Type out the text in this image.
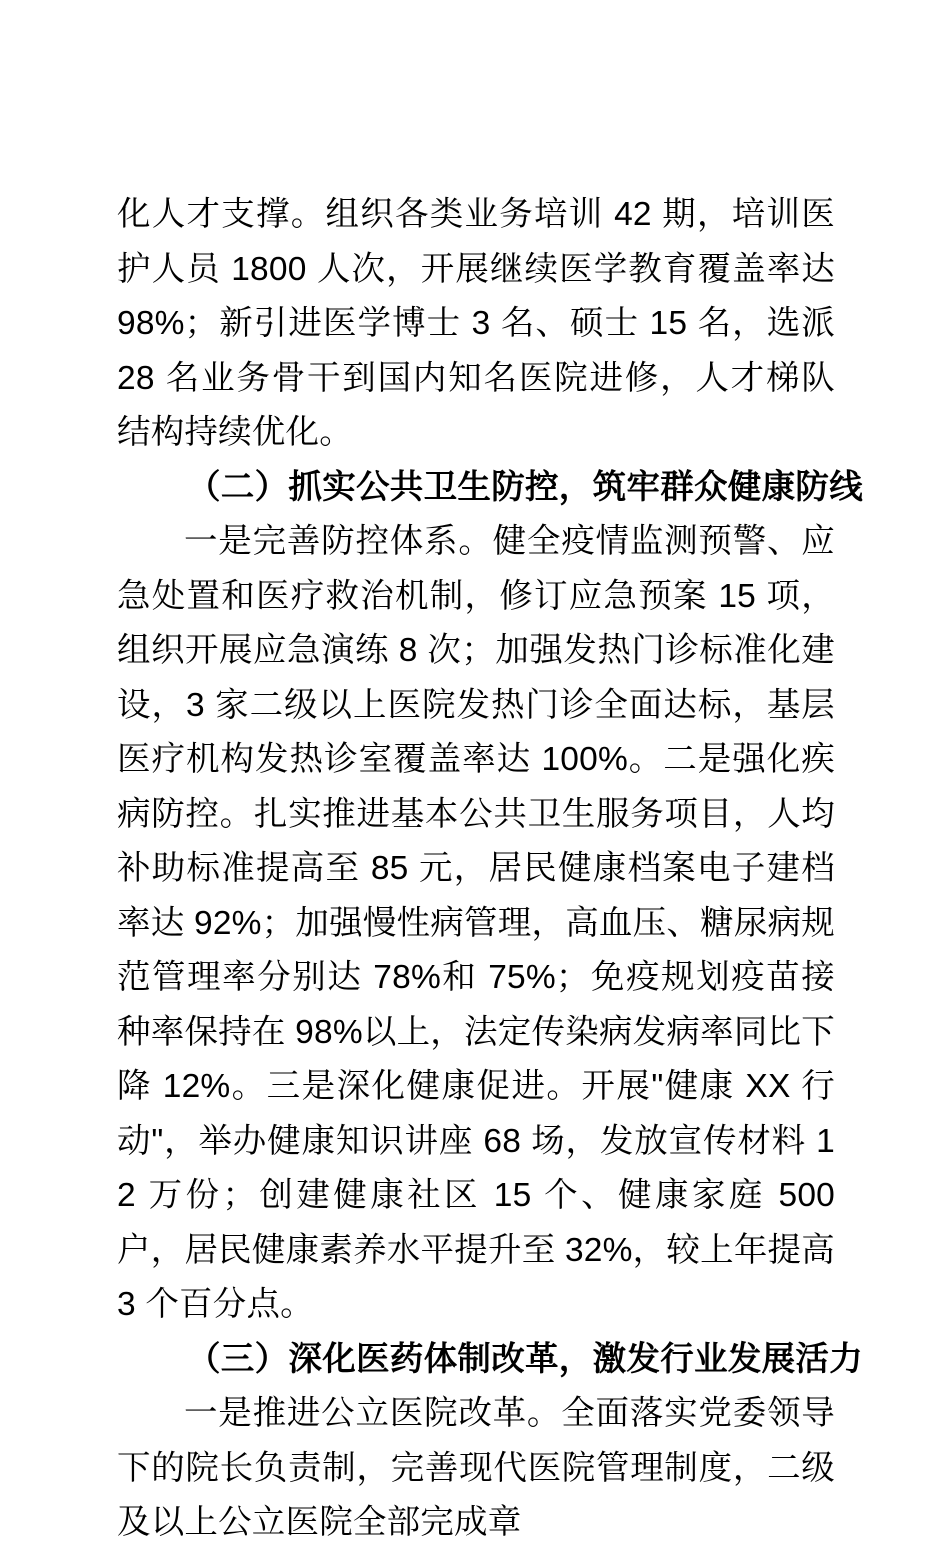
化人才支撑。组织各类业务培训 42 期，培训医护人员 1800 人次，开展继续医学教育覆盖率达 98%；新引进医学博士 3 名、硕士 15 名，选派 28 名业务骨干到国内知名医院进修，人才梯队结构持续优化。

（二）抓实公共卫生防控，筑牢群众健康防线

一是完善防控体系。健全疫情监测预警、应急处置和医疗救治机制，修订应急预案 15 项，组织开展应急演练 8 次；加强发热门诊标准化建设，3 家二级以上医院发热门诊全面达标，基层医疗机构发热诊室覆盖率达 100%。二是强化疾病防控。扎实推进基本公共卫生服务项目，人均补助标准提高至 85 元，居民健康档案电子建档率达 92%；加强慢性病管理，高血压、糖尿病规范管理率分别达 78%和 75%；免疫规划疫苗接种率保持在 98%以上，法定传染病发病率同比下降 12%。三是深化健康促进。开展"健康 XX 行动"，举办健康知识讲座 68 场，发放宣传材料 12 万份；创建健康社区 15 个、健康家庭 500 户，居民健康素养水平提升至 32%，较上年提高 3 个百分点。

（三）深化医药体制改革，激发行业发展活力

一是推进公立医院改革。全面落实党委领导下的院长负责制，完善现代医院管理制度，二级及以上公立医院全部完成章
